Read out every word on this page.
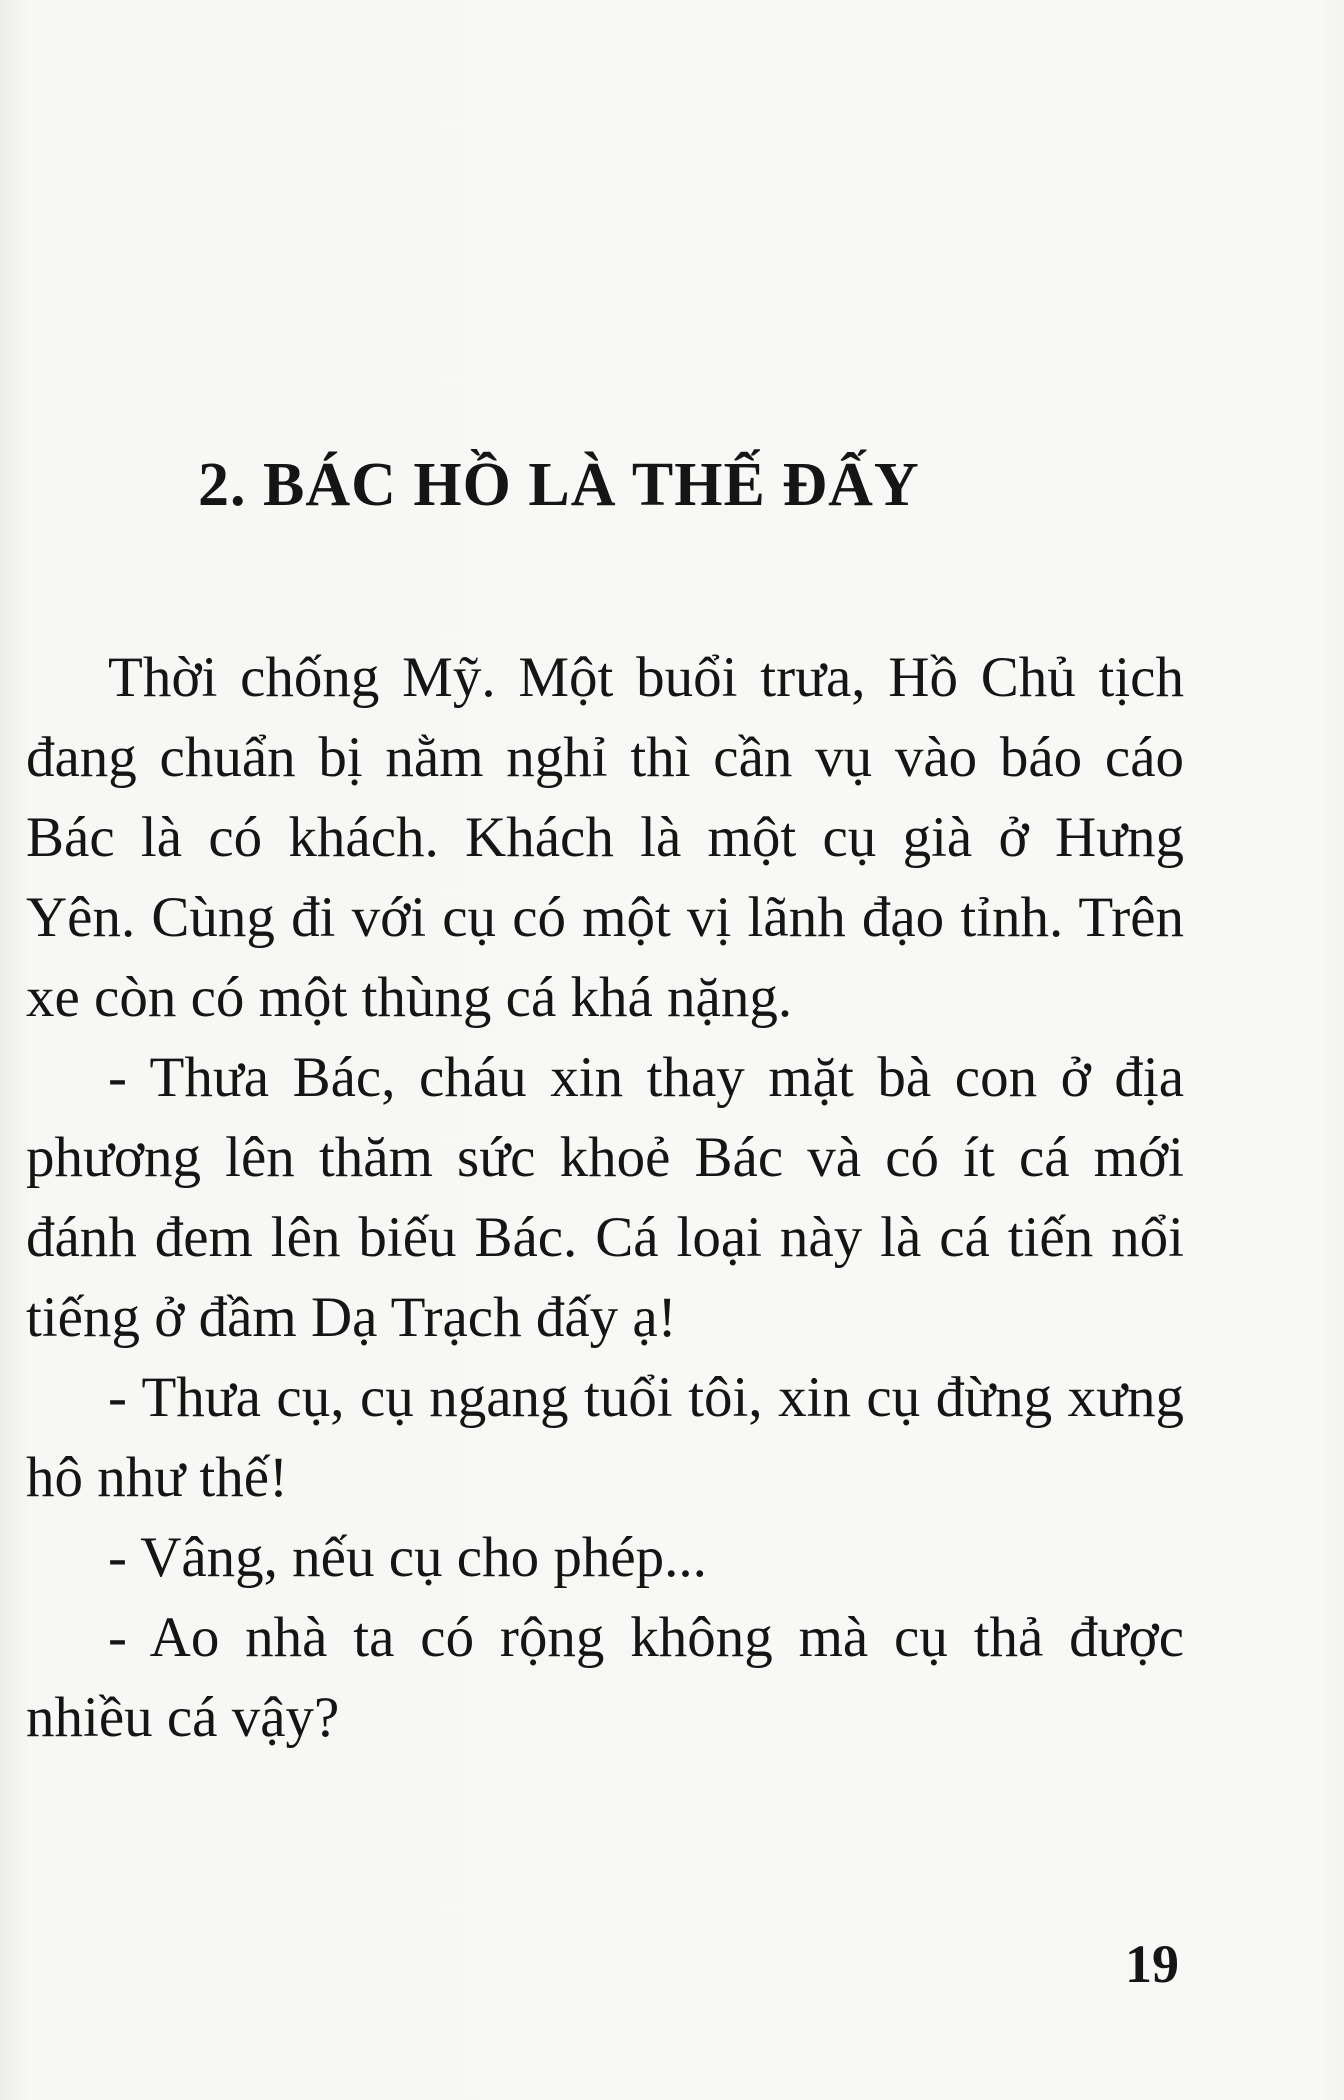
2. BÁC HỒ LÀ THẾ ĐẤY

Thời chống Mỹ. Một buổi trưa, Hồ Chủ tịch đang chuẩn bị nằm nghỉ thì cần vụ vào báo cáo Bác là có khách. Khách là một cụ già ở Hưng Yên. Cùng đi với cụ có một vị lãnh đạo tỉnh. Trên xe còn có một thùng cá khá nặng.

- Thưa Bác, cháu xin thay mặt bà con ở địa phương lên thăm sức khoẻ Bác và có ít cá mới đánh đem lên biếu Bác. Cá loại này là cá tiến nổi tiếng ở đầm Dạ Trạch đấy ạ!

- Thưa cụ, cụ ngang tuổi tôi, xin cụ đừng xưng hô như thế!

- Vâng, nếu cụ cho phép...

- Ao nhà ta có rộng không mà cụ thả được nhiều cá vậy?

19
